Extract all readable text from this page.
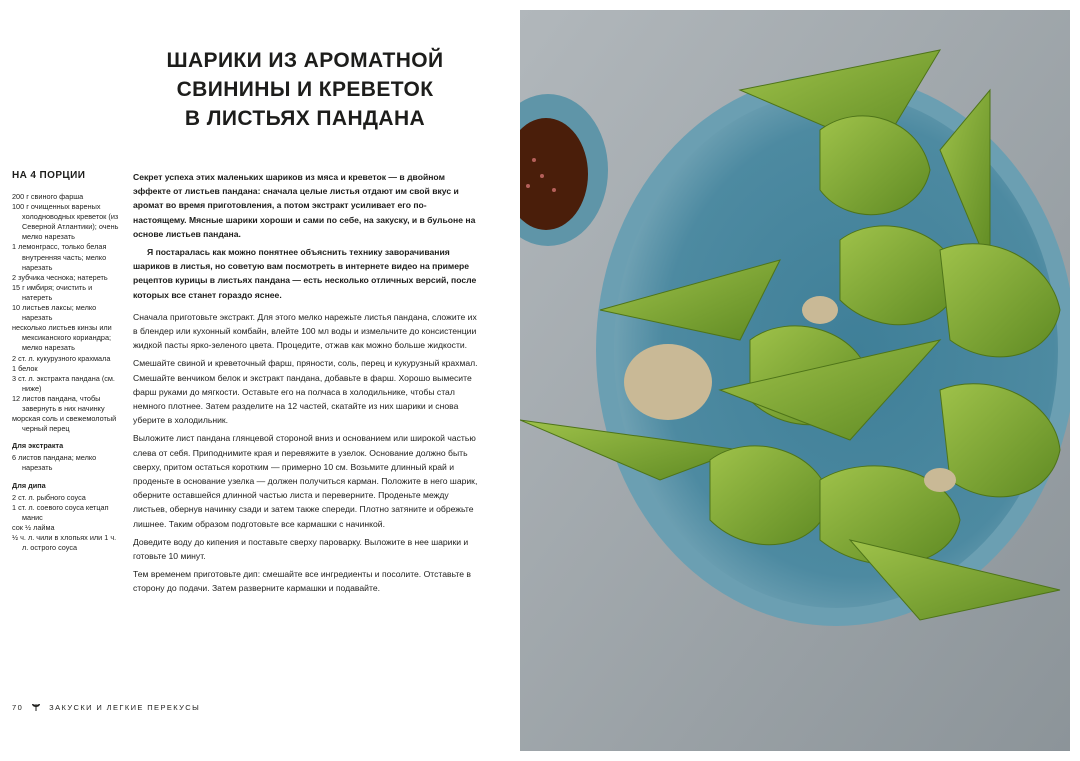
ШАРИКИ ИЗ АРОМАТНОЙ
СВИНИНЫ И КРЕВЕТОК
В ЛИСТЬЯХ ПАНДАНА
НА 4 ПОРЦИИ

200 г свиного фарша

100 г очищенных вареных холодноводных креветок (из Северной Атлантики); очень мелко нарезать

1 лемонграсс, только белая внутренняя часть; мелко нарезать

2 зубчика чеснока; натереть

15 г имбиря; очистить и натереть

10 листьев лаксы; мелко нарезать

несколько листьев кинзы или мексиканского кориандра; мелко нарезать

2 ст. л. кукурузного крахмала

1 белок

3 ст. л. экстракта пандана (см. ниже)

12 листов пандана, чтобы завернуть в них начинку

морская соль и свежемолотый черный перец

Для экстракта

6 листов пандана; мелко нарезать

Для дипа

2 ст. л. рыбного соуса

1 ст. л. соевого соуса кетцап манис

сок ½ лайма

½ ч. л. чили в хлопьях или 1 ч. л. острого соуса

Секрет успеха этих маленьких шариков из мяса и креветок — в двойном эффекте от листьев пандана: сначала целые листья отдают им свой вкус и аромат во время приготовления, а потом экстракт усиливает его по-настоящему. Мясные шарики хороши и сами по себе, на закуску, и в бульоне на основе листьев пандана.

Я постаралась как можно понятнее объяснить технику заворачивания шариков в листья, но советую вам посмотреть в интернете видео на примере рецептов курицы в листьях пандана — есть несколько отличных версий, после которых все станет гораздо яснее.

Сначала приготовьте экстракт. Для этого мелко нарежьте листья пандана, сложите их в блендер или кухонный комбайн, влейте 100 мл воды и измельчите до консистенции жидкой пасты ярко-зеленого цвета. Процедите, отжав как можно больше жидкости.

Смешайте свиной и креветочный фарш, пряности, соль, перец и кукурузный крахмал. Смешайте венчиком белок и экстракт пандана, добавьте в фарш. Хорошо вымесите фарш руками до мягкости. Оставьте его на полчаса в холодильнике, чтобы стал немного плотнее. Затем разделите на 12 частей, скатайте из них шарики и снова уберите в холодильник.

Выложите лист пандана глянцевой стороной вниз и основанием или широкой частью слева от себя. Приподнимите края и перевяжите в узелок. Основание должно быть сверху, притом остаться коротким — примерно 10 см. Возьмите длинный край и проденьте в основание узелка — должен получиться карман. Положите в него шарик, оберните оставшейся длинной частью листа и переверните. Проденьте между листьев, обернув начинку сзади и затем также спереди. Плотно затяните и обрежьте лишнее. Таким образом подготовьте все кармашки с начинкой.

Доведите воду до кипения и поставьте сверху пароварку. Выложите в нее шарики и готовьте 10 минут.

Тем временем приготовьте дип: смешайте все ингредиенты и посолите. Отставьте в сторону до подачи. Затем разверните кармашки и подавайте.

70	ЗАКУСКИ И ЛЕГКИЕ ПЕРЕКУСЫ
